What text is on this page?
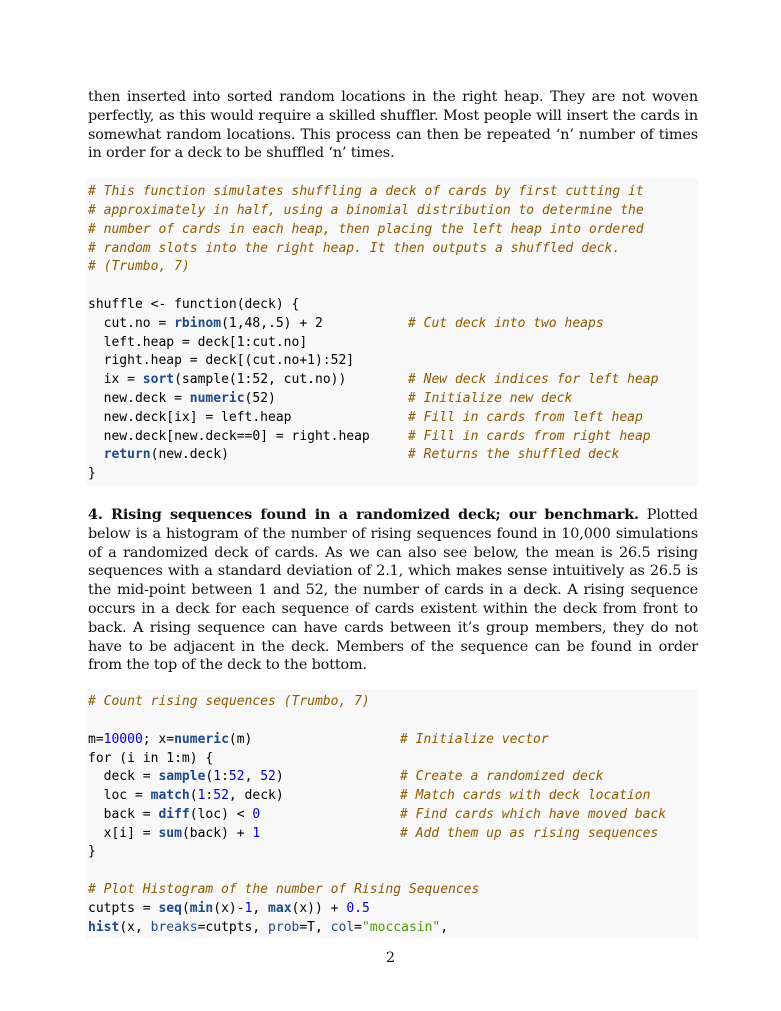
then inserted into sorted random locations in the right heap. They are not woven perfectly, as this would require a skilled shuffler. Most people will insert the cards in somewhat random locations. This process can then be repeated ‘n’ number of times in order for a deck to be shuffled ‘n’ times.

# This function simulates shuffling a deck of cards by first cutting it
# approximately in half, using a binomial distribution to determine the
# number of cards in each heap, then placing the left heap into ordered
# random slots into the right heap. It then outputs a shuffled deck.
# (Trumbo, 7)

shuffle <- function(deck) {
cut.no = rbinom(1,48,.5) + 2	# Cut deck into two heaps
left.heap = deck[1:cut.no]
right.heap = deck[(cut.no+1):52]
ix = sort(sample(1:52, cut.no))	# New deck indices for left heap
new.deck = numeric(52)	# Initialize new deck
new.deck[ix] = left.heap	# Fill in cards from left heap
new.deck[new.deck==0] = right.heap	# Fill in cards from right heap
return(new.deck)	# Returns the shuffled deck
}

4. Rising sequences found in a randomized deck; our benchmark. Plotted below is a histogram of the number of rising sequences found in 10,000 simulations of a randomized deck of cards. As we can also see below, the mean is 26.5 rising sequences with a standard deviation of 2.1, which makes sense intuitively as 26.5 is the mid-point between 1 and 52, the number of cards in a deck. A rising sequence occurs in a deck for each sequence of cards existent within the deck from front to back. A rising sequence can have cards between it’s group members, they do not have to be adjacent in the deck. Members of the sequence can be found in order from the top of the deck to the bottom.

# Count rising sequences (Trumbo, 7)

m=10000; x=numeric(m)	# Initialize vector
for (i in 1:m) {
deck = sample(1:52, 52)	# Create a randomized deck
loc = match(1:52, deck)	# Match cards with deck location
back = diff(loc) < 0	# Find cards which have moved back
x[i] = sum(back) + 1	# Add them up as rising sequences
}

# Plot Histogram of the number of Rising Sequences
cutpts = seq(min(x)-1, max(x)) + 0.5
hist(x, breaks=cutpts, prob=T, col="moccasin",
2
